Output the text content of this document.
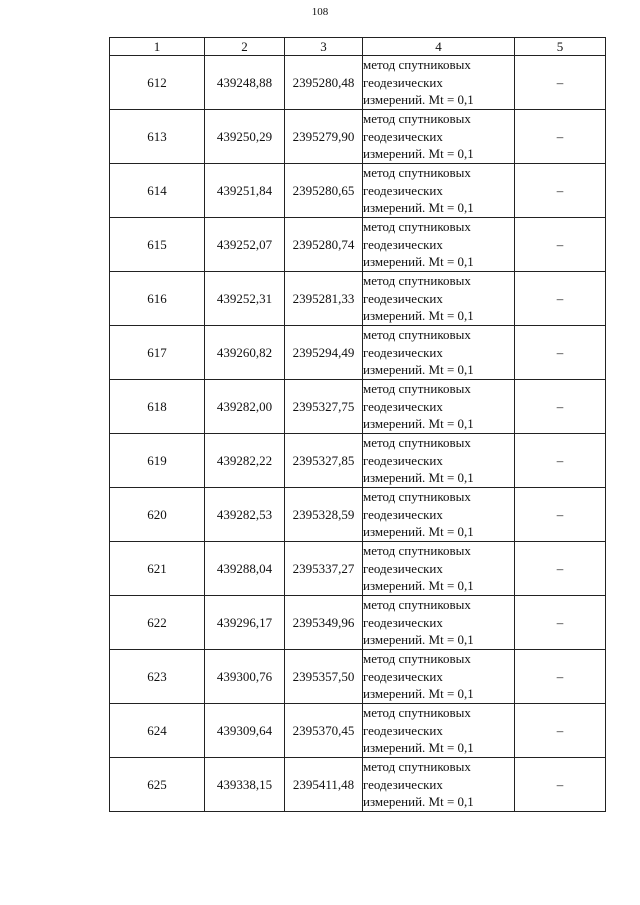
108
1	2	3	4	5
612	439248,88	2395280,48	метод спутниковых
геодезических
измерений. Mt = 0,1	–
613	439250,29	2395279,90	метод спутниковых
геодезических
измерений. Mt = 0,1	–
614	439251,84	2395280,65	метод спутниковых
геодезических
измерений. Mt = 0,1	–
615	439252,07	2395280,74	метод спутниковых
геодезических
измерений. Mt = 0,1	–
616	439252,31	2395281,33	метод спутниковых
геодезических
измерений. Mt = 0,1	–
617	439260,82	2395294,49	метод спутниковых
геодезических
измерений. Mt = 0,1	–
618	439282,00	2395327,75	метод спутниковых
геодезических
измерений. Mt = 0,1	–
619	439282,22	2395327,85	метод спутниковых
геодезических
измерений. Mt = 0,1	–
620	439282,53	2395328,59	метод спутниковых
геодезических
измерений. Mt = 0,1	–
621	439288,04	2395337,27	метод спутниковых
геодезических
измерений. Mt = 0,1	–
622	439296,17	2395349,96	метод спутниковых
геодезических
измерений. Mt = 0,1	–
623	439300,76	2395357,50	метод спутниковых
геодезических
измерений. Mt = 0,1	–
624	439309,64	2395370,45	метод спутниковых
геодезических
измерений. Mt = 0,1	–
625	439338,15	2395411,48	метод спутниковых
геодезических
измерений. Mt = 0,1	–
